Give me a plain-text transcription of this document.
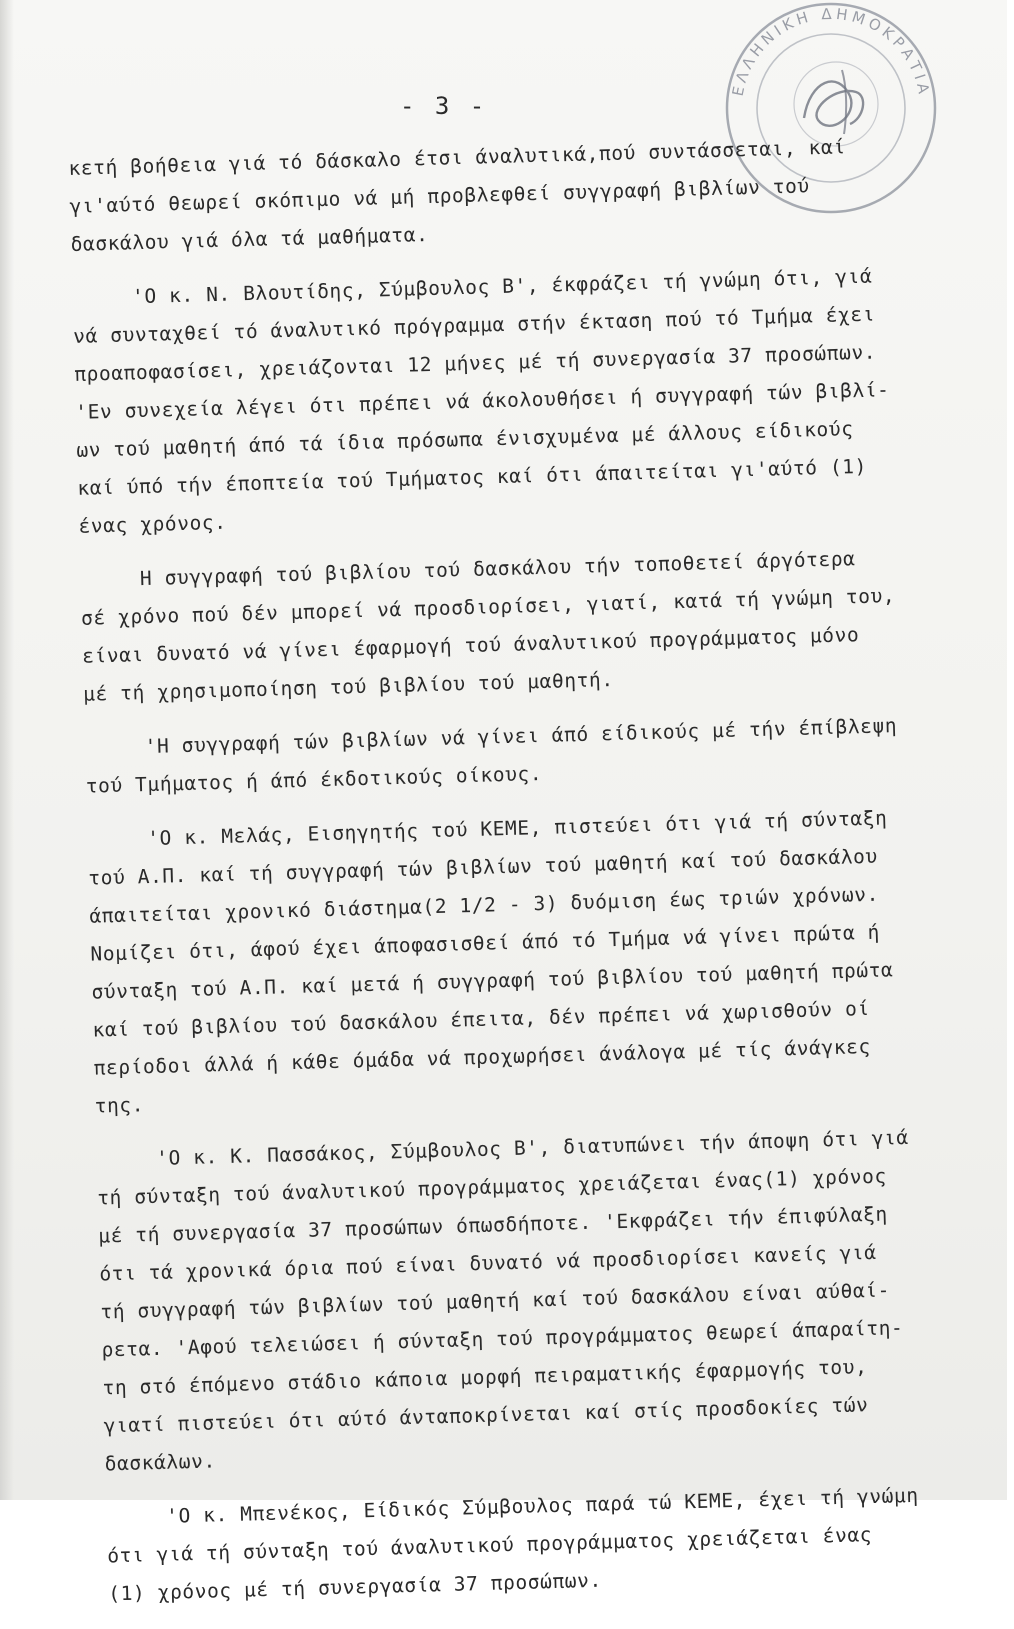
- 3 -
ΕΛΛΗΝΙΚΗ ΔΗΜΟΚΡΑΤΙΑ
κετή βοήθεια γιά τό δάσκαλο έτσι άναλυτικά,πού συντάσσεται, καί
γι'αύτό θεωρεί σκόπιμο νά μή προβλεφθεί συγγραφή βιβλίων τού
δασκάλου γιά όλα τά μαθήματα.
'Ο κ. Ν. Βλουτίδης, Σύμβουλος Β', έκφράζει τή γνώμη ότι, γιά
νά συνταχθεί τό άναλυτικό πρόγραμμα στήν έκταση πού τό Τμήμα έχει
προαποφασίσει, χρειάζονται 12 μήνες μέ τή συνεργασία 37 προσώπων.
'Εν συνεχεία λέγει ότι πρέπει νά άκολουθήσει ή συγγραφή τών βιβλί-
ων τού μαθητή άπό τά ίδια πρόσωπα ένισχυμένα μέ άλλους είδικούς
καί ύπό τήν έποπτεία τού Τμήματος καί ότι άπαιτείται γι'αύτό (1)
ένας χρόνος.
Η συγγραφή τού βιβλίου τού δασκάλου τήν τοποθετεί άργότερα
σέ χρόνο πού δέν μπορεί νά προσδιορίσει, γιατί, κατά τή γνώμη του,
είναι δυνατό νά γίνει έφαρμογή τού άναλυτικού προγράμματος μόνο
μέ τή χρησιμοποίηση τού βιβλίου τού μαθητή.
'Η συγγραφή τών βιβλίων νά γίνει άπό είδικούς μέ τήν έπίβλεψη
τού Τμήματος ή άπό έκδοτικούς οίκους.
'Ο κ. Μελάς, Εισηγητής τού ΚΕΜΕ, πιστεύει ότι γιά τή σύνταξη
τού Α.Π. καί τή συγγραφή τών βιβλίων τού μαθητή καί τού δασκάλου
άπαιτείται χρονικό διάστημα(2 1/2 - 3) δυόμιση έως τριών χρόνων.
Νομίζει ότι, άφού έχει άποφασισθεί άπό τό Τμήμα νά γίνει πρώτα ή
σύνταξη τού Α.Π. καί μετά ή συγγραφή τού βιβλίου τού μαθητή πρώτα
καί τού βιβλίου τού δασκάλου έπειτα, δέν πρέπει νά χωρισθούν οί
περίοδοι άλλά ή κάθε όμάδα νά προχωρήσει άνάλογα μέ τίς άνάγκες
της.
'Ο κ. Κ. Πασσάκος, Σύμβουλος Β', διατυπώνει τήν άποψη ότι γιά
τή σύνταξη τού άναλυτικού προγράμματος χρειάζεται ένας(1) χρόνος
μέ τή συνεργασία 37 προσώπων όπωσδήποτε. 'Εκφράζει τήν έπιφύλαξη
ότι τά χρονικά όρια πού είναι δυνατό νά προσδιορίσει κανείς γιά
τή συγγραφή τών βιβλίων τού μαθητή καί τού δασκάλου είναι αύθαί-
ρετα. 'Αφού τελειώσει ή σύνταξη τού προγράμματος θεωρεί άπαραίτη-
τη στό έπόμενο στάδιο κάποια μορφή πειραματικής έφαρμογής του,
γιατί πιστεύει ότι αύτό άνταποκρίνεται καί στίς προσδοκίες τών
δασκάλων.
'Ο κ. Μπενέκος, Είδικός Σύμβουλος παρά τώ ΚΕΜΕ, έχει τή γνώμη
ότι γιά τή σύνταξη τού άναλυτικού προγράμματος χρειάζεται ένας
(1) χρόνος μέ τή συνεργασία 37 προσώπων.
